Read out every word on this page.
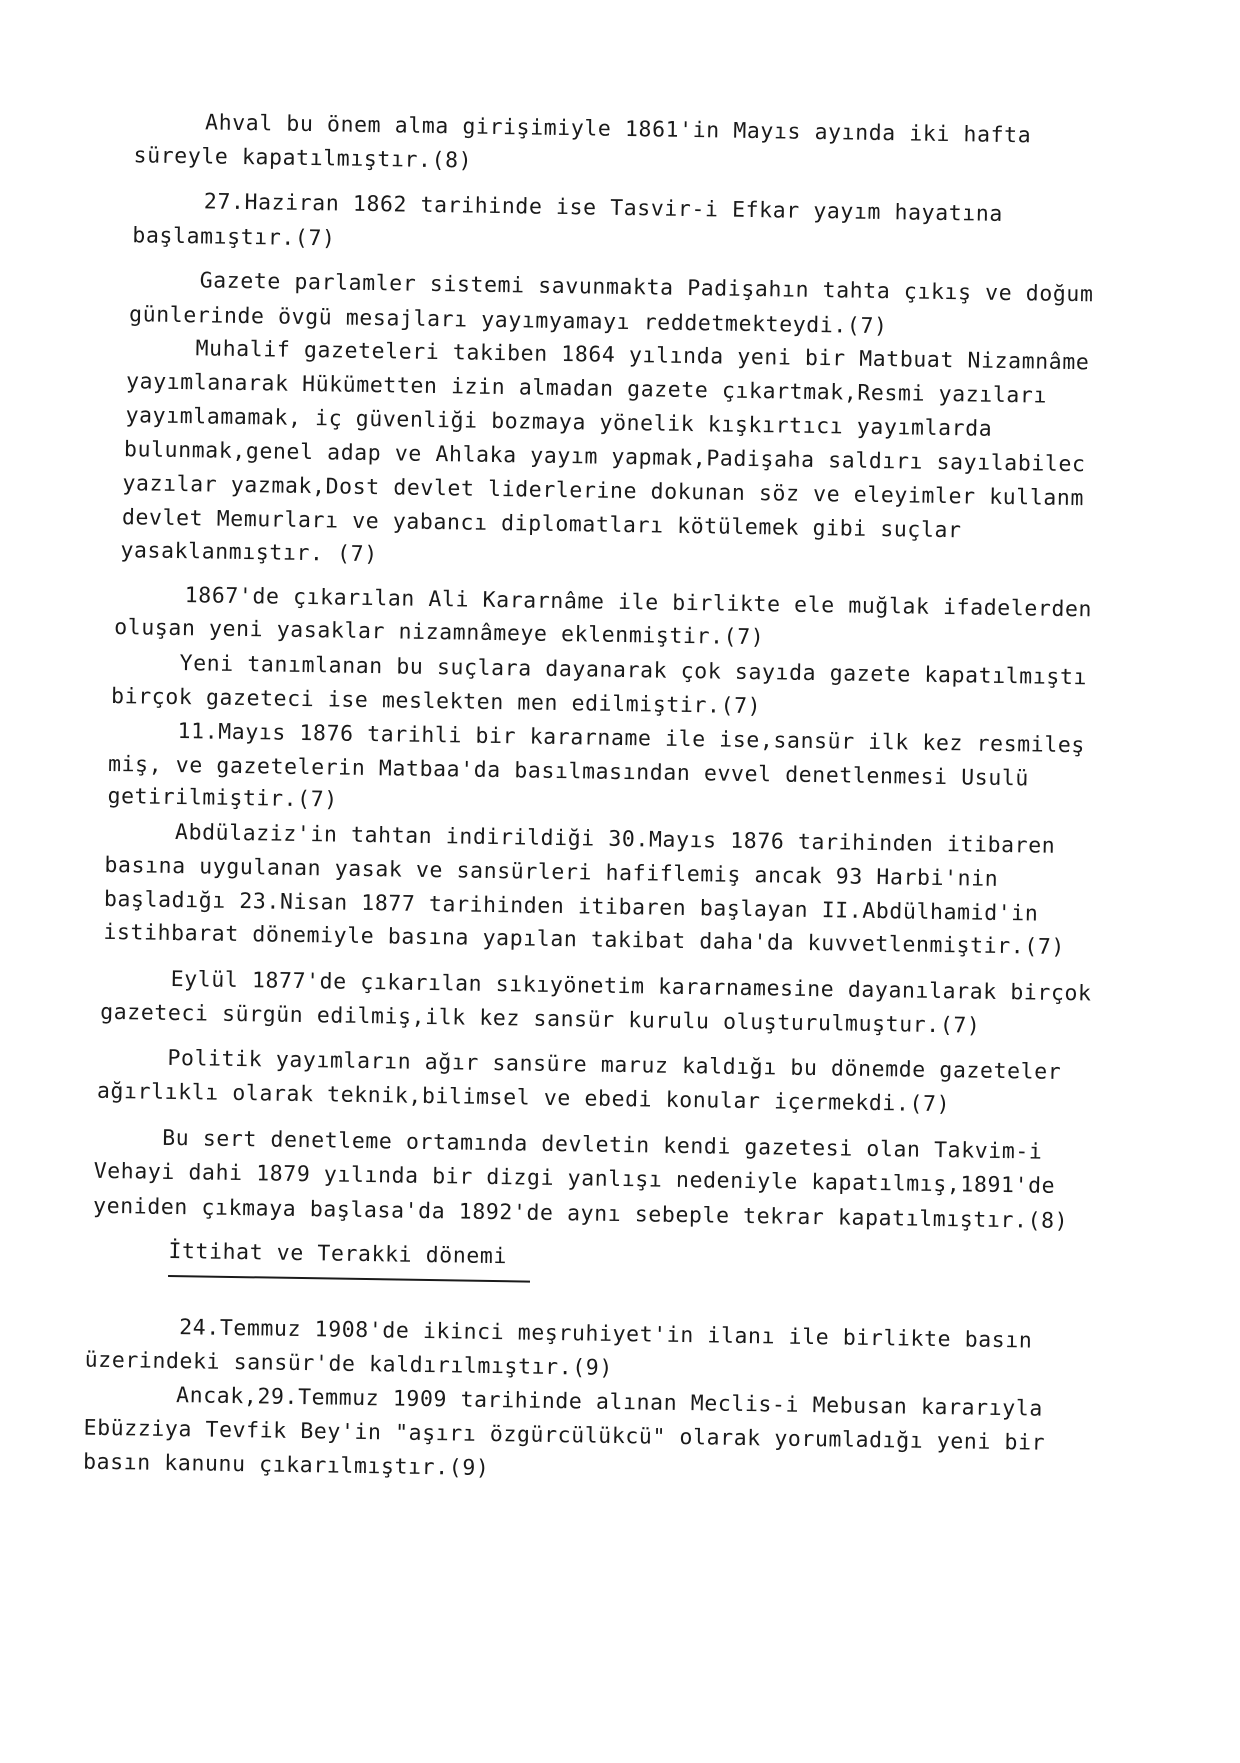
Ahval bu önem alma girişimiyle 1861'in Mayıs ayında iki hafta
süreyle kapatılmıştır.(8)
27.Haziran 1862 tarihinde ise Tasvir-i Efkar yayım hayatına
başlamıştır.(7)
Gazete parlamler sistemi savunmakta Padişahın tahta çıkış ve doğum
günlerinde övgü mesajları yayımyamayı reddetmekteydi.(7)
Muhalif gazeteleri takiben 1864 yılında yeni bir Matbuat Nizamnâme
yayımlanarak Hükümetten izin almadan gazete çıkartmak,Resmi yazıları
yayımlamamak, iç güvenliği bozmaya yönelik kışkırtıcı yayımlarda
bulunmak,genel adap ve Ahlaka yayım yapmak,Padişaha saldırı sayılabilec
yazılar yazmak,Dost devlet liderlerine dokunan söz ve eleyimler kullanm
devlet Memurları ve yabancı diplomatları kötülemek gibi suçlar
yasaklanmıştır. (7)
1867'de çıkarılan Ali Kararnâme ile birlikte ele muğlak ifadelerden
oluşan yeni yasaklar nizamnâmeye eklenmiştir.(7)
Yeni tanımlanan bu suçlara dayanarak çok sayıda gazete kapatılmıştı
birçok gazeteci ise meslekten men edilmiştir.(7)
11.Mayıs 1876 tarihli bir kararname ile ise,sansür ilk kez resmileş
miş, ve gazetelerin Matbaa'da basılmasından evvel denetlenmesi Usulü
getirilmiştir.(7)
Abdülaziz'in tahtan indirildiği 30.Mayıs 1876 tarihinden itibaren
basına uygulanan yasak ve sansürleri hafiflemiş ancak 93 Harbi'nin
başladığı 23.Nisan 1877 tarihinden itibaren başlayan II.Abdülhamid'in
istihbarat dönemiyle basına yapılan takibat daha'da kuvvetlenmiştir.(7)
Eylül 1877'de çıkarılan sıkıyönetim kararnamesine dayanılarak birçok
gazeteci sürgün edilmiş,ilk kez sansür kurulu oluşturulmuştur.(7)
Politik yayımların ağır sansüre maruz kaldığı bu dönemde gazeteler
ağırlıklı olarak teknik,bilimsel ve ebedi konular içermekdi.(7)
Bu sert denetleme ortamında devletin kendi gazetesi olan Takvim-i
Vehayi dahi 1879 yılında bir dizgi yanlışı nedeniyle kapatılmış,1891'de
yeniden çıkmaya başlasa'da 1892'de aynı sebeple tekrar kapatılmıştır.(8)
İttihat ve Terakki dönemi
24.Temmuz 1908'de ikinci meşruhiyet'in ilanı ile birlikte basın
üzerindeki sansür'de kaldırılmıştır.(9)
Ancak,29.Temmuz 1909 tarihinde alınan Meclis-i Mebusan kararıyla
Ebüzziya Tevfik Bey'in "aşırı özgürcülükcü" olarak yorumladığı yeni bir
basın kanunu çıkarılmıştır.(9)
